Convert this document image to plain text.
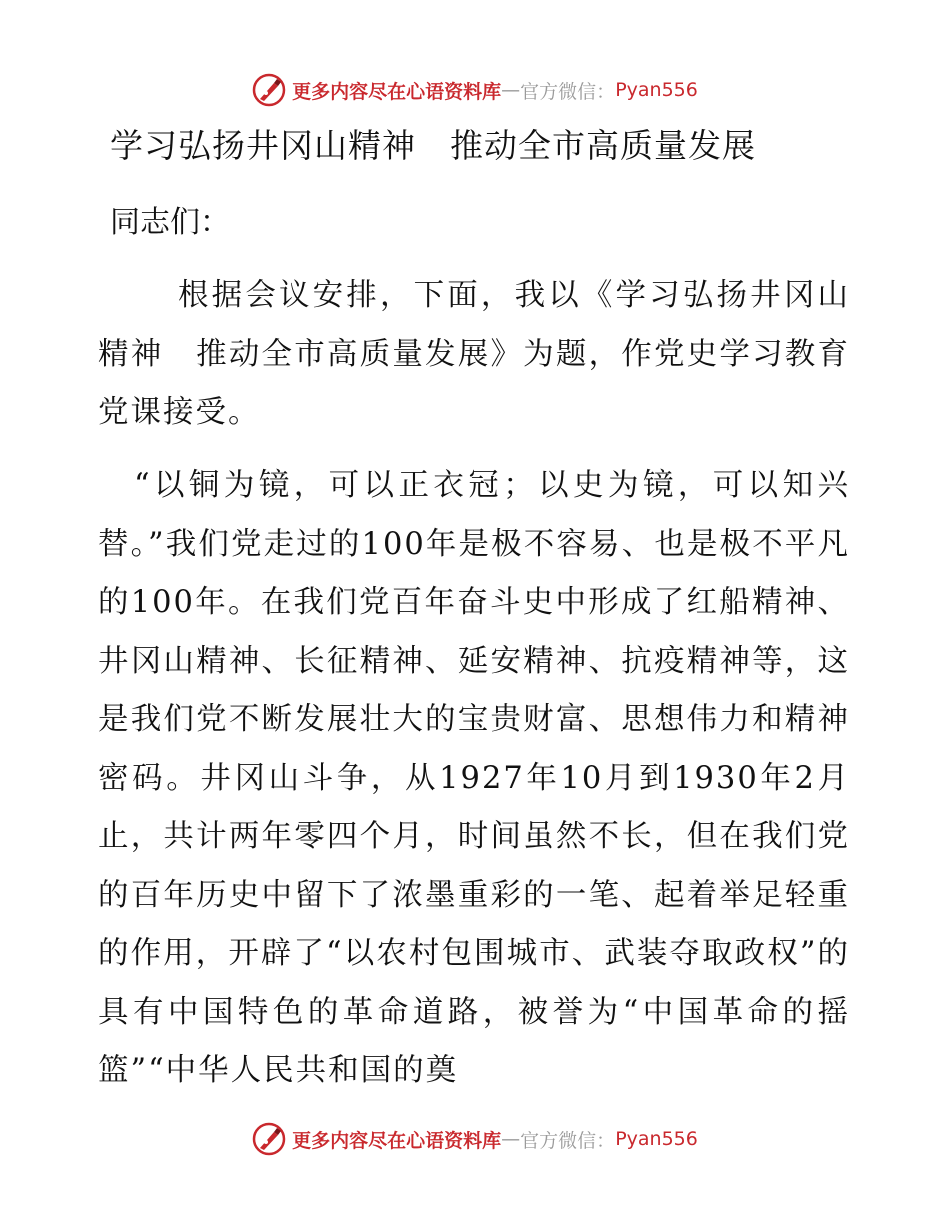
更多内容尽在心语资料库 — 官方微信： Pyan556
学习弘扬井冈山精神　推动全市高质量发展

同志们：

根据会议安排，下面，我以《学习弘扬井冈山精神　推动全市高质量发展》为题，作党史学习教育党课接受。

“以铜为镜，可以正衣冠；以史为镜，可以知兴替。”我们党走过的100年是极不容易、也是极不平凡的100年。在我们党百年奋斗史中形成了红船精神、井冈山精神、长征精神、延安精神、抗疫精神等，这是我们党不断发展壮大的宝贵财富、思想伟力和精神密码。井冈山斗争，从1927年10月到1930年2月止，共计两年零四个月，时间虽然不长，但在我们党的百年历史中留下了浓墨重彩的一笔、起着举足轻重的作用，开辟了“以农村包围城市、武装夺取政权”的具有中国特色的革命道路，被誉为“中国革命的摇篮”“中华人民共和国的奠

更多内容尽在心语资料库 — 官方微信： Pyan556
